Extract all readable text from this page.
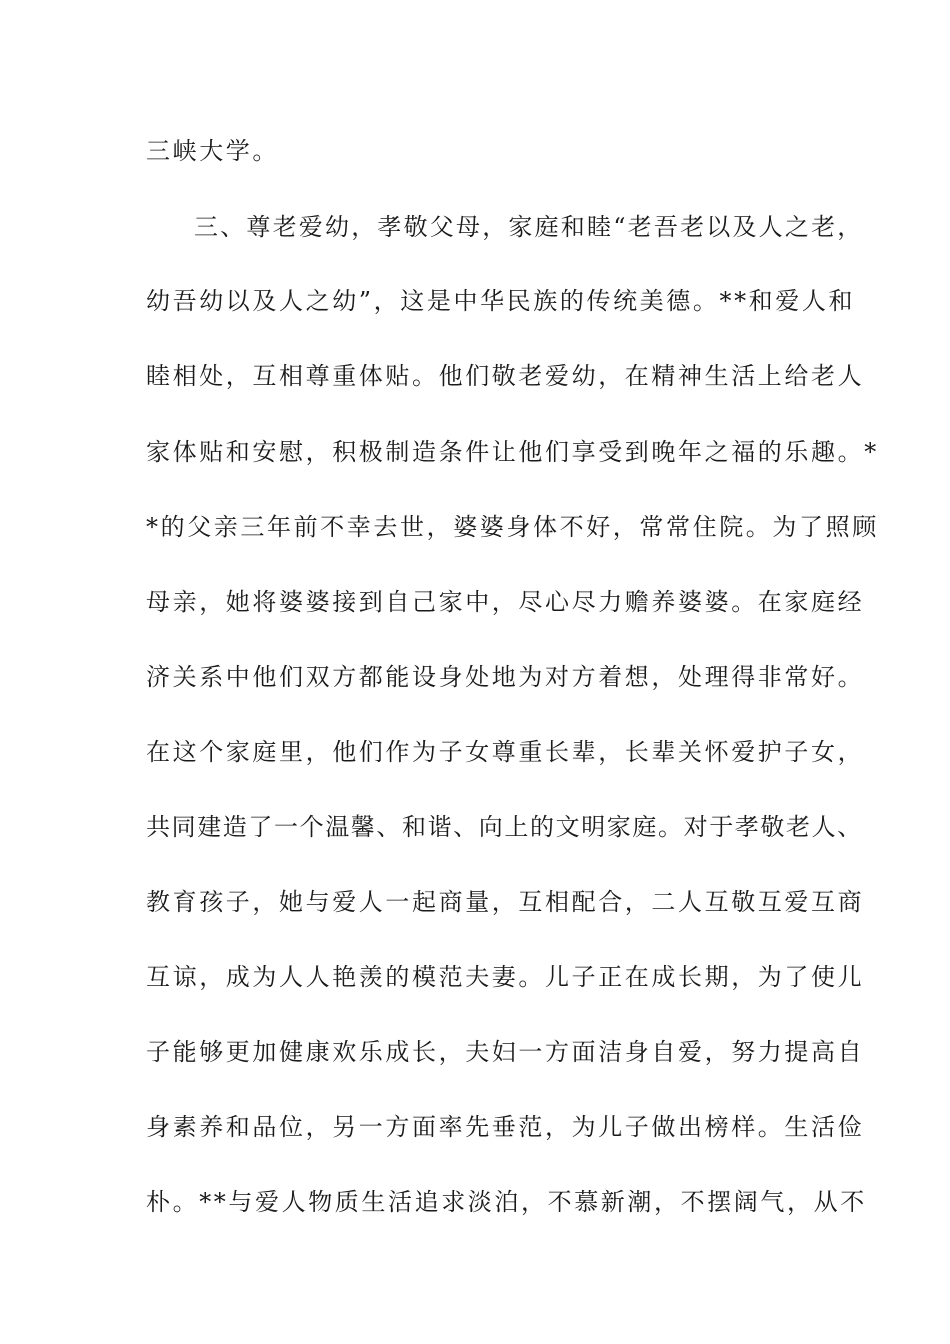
三峡大学。
三、尊老爱幼，孝敬父母，家庭和睦“老吾老以及人之老，
幼吾幼以及人之幼”，这是中华民族的传统美德。**和爱人和
睦相处，互相尊重体贴。他们敬老爱幼，在精神生活上给老人
家体贴和安慰，积极制造条件让他们享受到晚年之福的乐趣。*
*的父亲三年前不幸去世，婆婆身体不好，常常住院。为了照顾
母亲，她将婆婆接到自己家中，尽心尽力赡养婆婆。在家庭经
济关系中他们双方都能设身处地为对方着想，处理得非常好。
在这个家庭里，他们作为子女尊重长辈，长辈关怀爱护子女，
共同建造了一个温馨、和谐、向上的文明家庭。对于孝敬老人、
教育孩子，她与爱人一起商量，互相配合，二人互敬互爱互商
互谅，成为人人艳羡的模范夫妻。儿子正在成长期，为了使儿
子能够更加健康欢乐成长，夫妇一方面洁身自爱，努力提高自
身素养和品位，另一方面率先垂范，为儿子做出榜样。生活俭
朴。**与爱人物质生活追求淡泊，不慕新潮，不摆阔气，从不
